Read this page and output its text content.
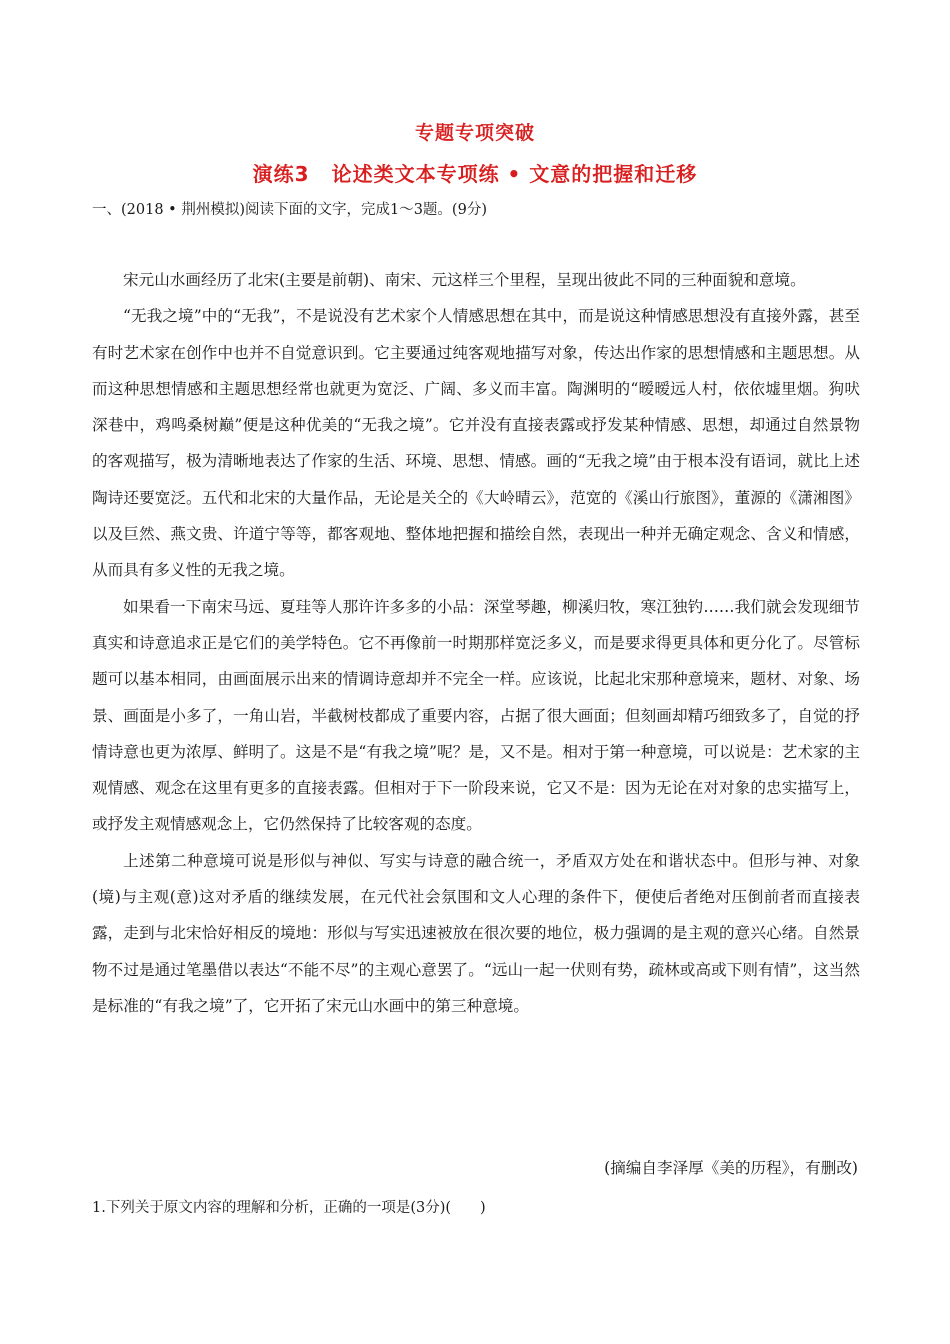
专题专项突破
演练3 论述类文本专项练 • 文意的把握和迁移
一、(2018 • 荆州模拟)阅读下面的文字，完成1～3题。(9分)

宋元山水画经历了北宋(主要是前朝)、南宋、元这样三个里程，呈现出彼此不同的三种面貌和意境。

“无我之境”中的“无我”，不是说没有艺术家个人情感思想在其中，而是说这种情感思想没有直接外露，甚至有时艺术家在创作中也并不自觉意识到。它主要通过纯客观地描写对象，传达出作家的思想情感和主题思想。从而这种思想情感和主题思想经常也就更为宽泛、广阔、多义而丰富。陶渊明的“暧暧远人村，依依墟里烟。狗吠深巷中，鸡鸣桑树巅”便是这种优美的“无我之境”。它并没有直接表露或抒发某种情感、思想，却通过自然景物的客观描写，极为清晰地表达了作家的生活、环境、思想、情感。画的“无我之境”由于根本没有语词，就比上述陶诗还要宽泛。五代和北宋的大量作品，无论是关仝的《大岭晴云》，范宽的《溪山行旅图》，董源的《潇湘图》以及巨然、燕文贵、许道宁等等，都客观地、整体地把握和描绘自然，表现出一种并无确定观念、含义和情感，从而具有多义性的无我之境。

如果看一下南宋马远、夏珪等人那许许多多的小品：深堂琴趣，柳溪归牧，寒江独钓……我们就会发现细节真实和诗意追求正是它们的美学特色。它不再像前一时期那样宽泛多义，而是要求得更具体和更分化了。尽管标题可以基本相同，由画面展示出来的情调诗意却并不完全一样。应该说，比起北宋那种意境来，题材、对象、场景、画面是小多了，一角山岩，半截树枝都成了重要内容，占据了很大画面；但刻画却精巧细致多了，自觉的抒情诗意也更为浓厚、鲜明了。这是不是“有我之境”呢？是，又不是。相对于第一种意境，可以说是：艺术家的主观情感、观念在这里有更多的直接表露。但相对于下一阶段来说，它又不是：因为无论在对对象的忠实描写上，或抒发主观情感观念上，它仍然保持了比较客观的态度。

上述第二种意境可说是形似与神似、写实与诗意的融合统一，矛盾双方处在和谐状态中。但形与神、对象(境)与主观(意)这对矛盾的继续发展，在元代社会氛围和文人心理的条件下，便使后者绝对压倒前者而直接表露，走到与北宋恰好相反的境地：形似与写实迅速被放在很次要的地位，极力强调的是主观的意兴心绪。自然景物不过是通过笔墨借以表达“不能不尽”的主观心意罢了。“远山一起一伏则有势，疏林或高或下则有情”，这当然是标准的“有我之境”了，它开拓了宋元山水画中的第三种意境。

(摘编自李泽厚《美的历程》，有删改)
1.下列关于原文内容的理解和分析，正确的一项是(3分)(　　)
